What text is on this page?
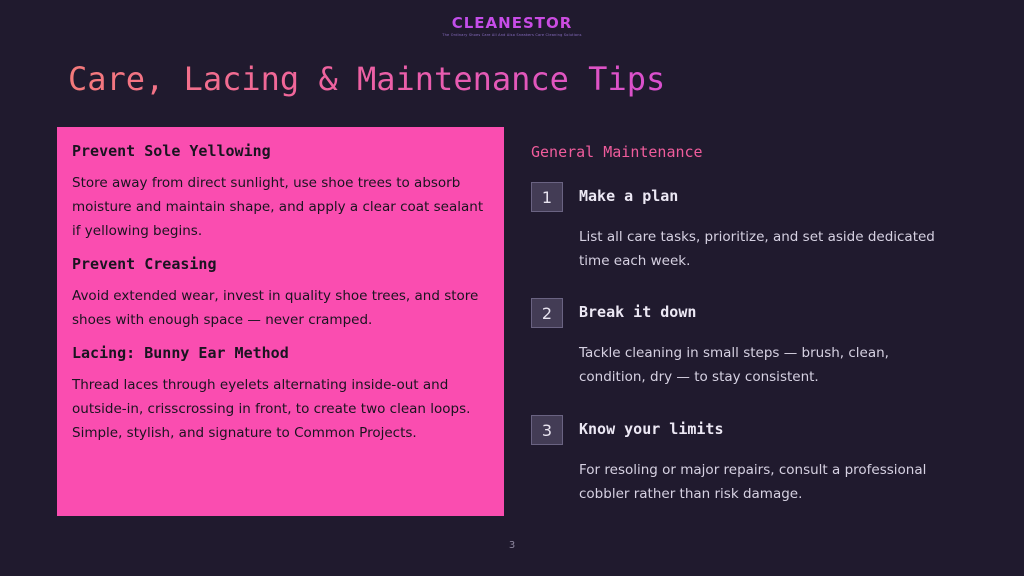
CLEANESTOR
The Ordinary Shoes Care All And Also Sneakers Care Cleaning Solutions
Care, Lacing & Maintenance Tips
Prevent Sole Yellowing

Store away from direct sunlight, use shoe trees to absorb moisture and maintain shape, and apply a clear coat sealant if yellowing begins.

Prevent Creasing

Avoid extended wear, invest in quality shoe trees, and store shoes with enough space — never cramped.

Lacing: Bunny Ear Method

Thread laces through eyelets alternating inside-out and outside-in, crisscrossing in front, to create two clean loops. Simple, stylish, and signature to Common Projects.

General Maintenance
1	Make a plan
List all care tasks, prioritize, and set aside dedicated time each week.
2	Break it down
Tackle cleaning in small steps — brush, clean, condition, dry — to stay consistent.
3	Know your limits
For resoling or major repairs, consult a professional cobbler rather than risk damage.
3
